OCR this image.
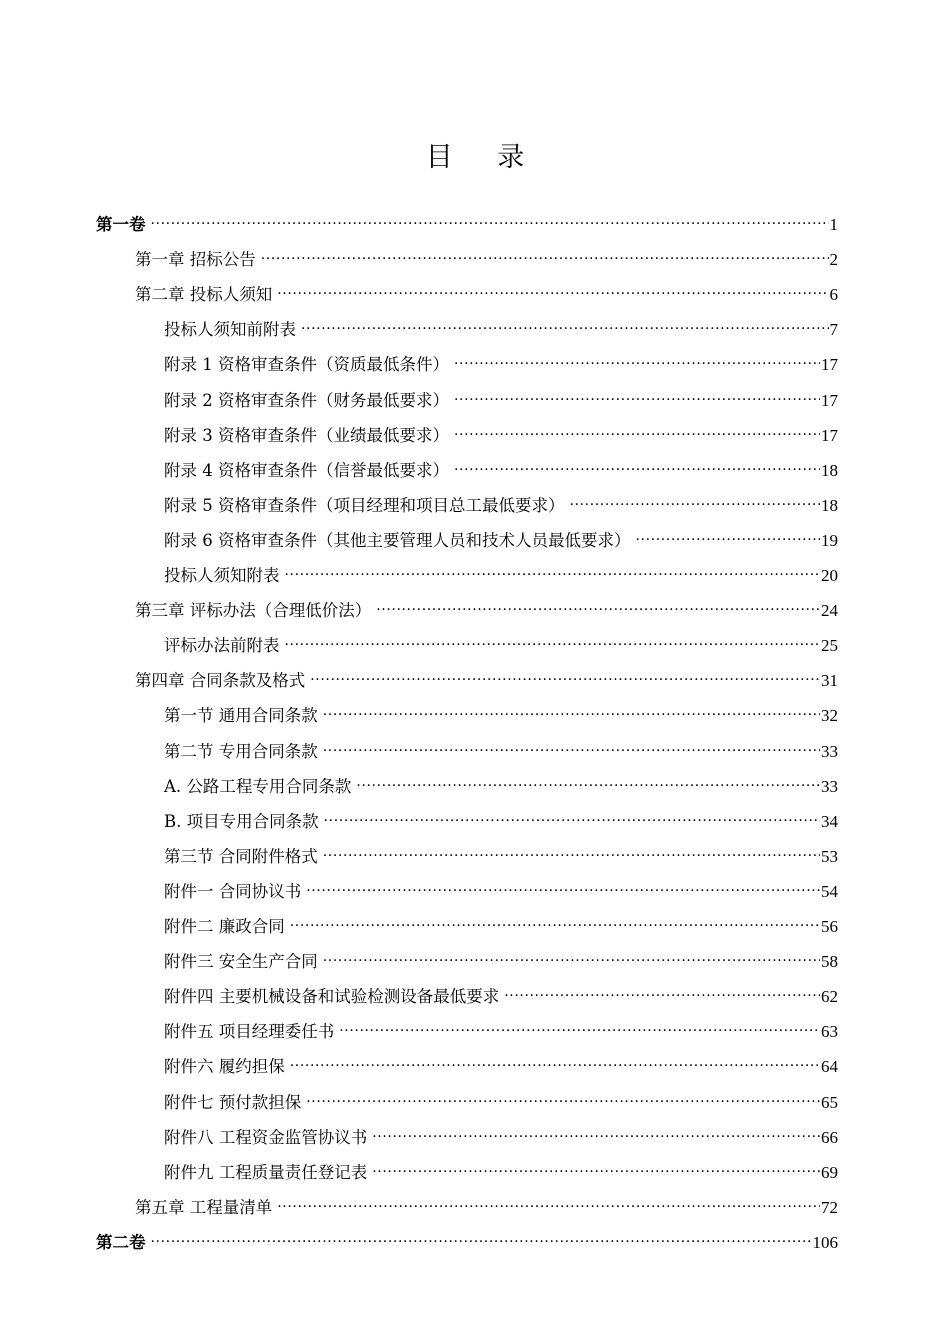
目 录
第一卷 ·····	1
第一章 招标公告 ·····	2
第二章 投标人须知 ·····	6
投标人须知前附表 ·····	7
附录 1 资格审查条件（资质最低条件） ·····	17
附录 2 资格审查条件（财务最低要求） ·····	17
附录 3 资格审查条件（业绩最低要求） ·····	17
附录 4 资格审查条件（信誉最低要求） ·····	18
附录 5 资格审查条件（项目经理和项目总工最低要求） ·····	18
附录 6 资格审查条件（其他主要管理人员和技术人员最低要求） ·····	19
投标人须知附表 ·····	20
第三章 评标办法（合理低价法） ·····	24
评标办法前附表 ·····	25
第四章 合同条款及格式 ·····	31
第一节 通用合同条款 ·····	32
第二节 专用合同条款 ·····	33
A. 公路工程专用合同条款 ·····	33
B. 项目专用合同条款 ·····	34
第三节 合同附件格式 ·····	53
附件一 合同协议书 ·····	54
附件二 廉政合同 ·····	56
附件三 安全生产合同 ·····	58
附件四 主要机械设备和试验检测设备最低要求 ·····	62
附件五 项目经理委任书 ·····	63
附件六 履约担保 ·····	64
附件七 预付款担保 ·····	65
附件八 工程资金监管协议书 ·····	66
附件九 工程质量责任登记表 ·····	69
第五章 工程量清单 ·····	72
第二卷 ·····	106
